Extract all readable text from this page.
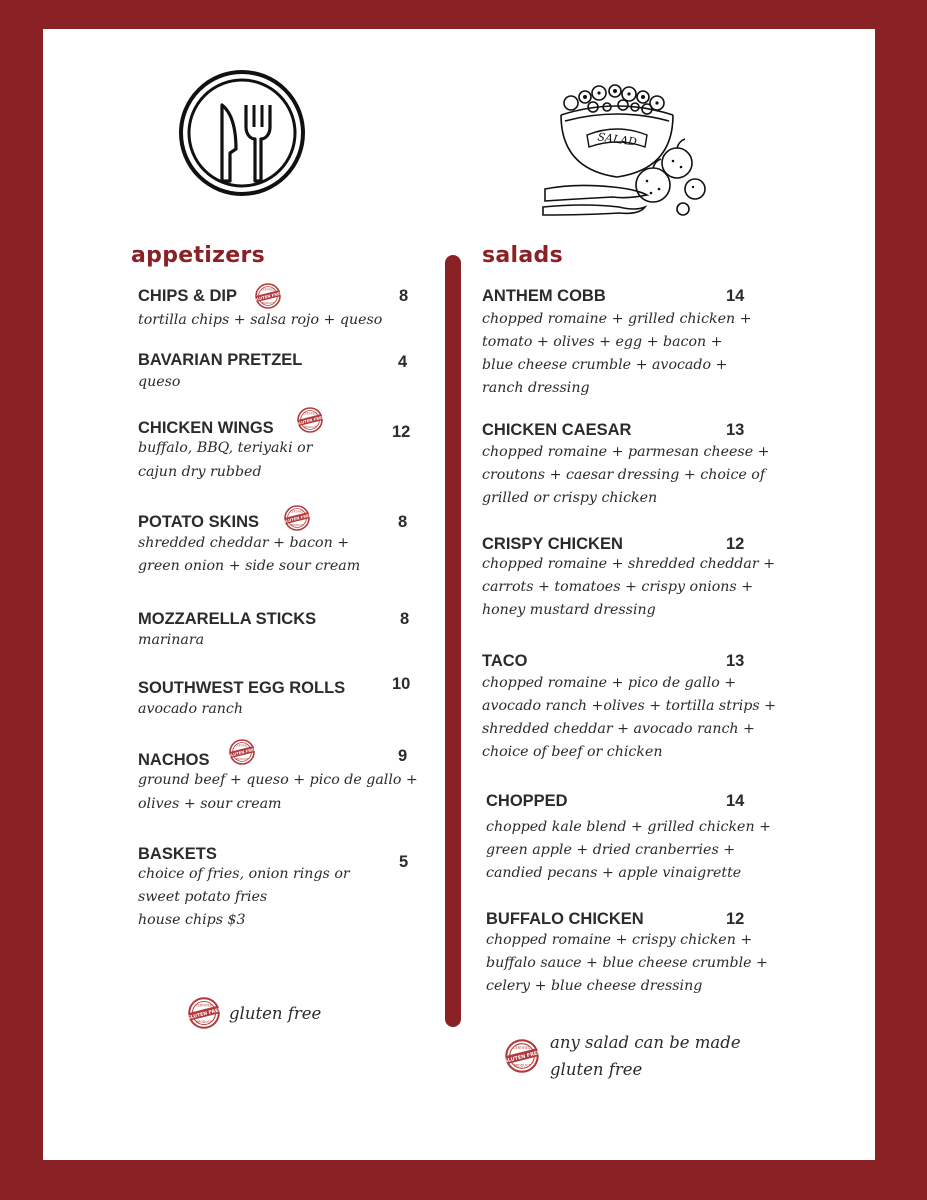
SALAD
appetizers	salads
CHIPS & DIP	8
tortilla chips + salsa rojo + queso
BAVARIAN PRETZEL	4
queso
CHICKEN WINGS	12
buffalo, BBQ, teriyaki or
cajun dry rubbed
POTATO SKINS	8
shredded cheddar + bacon +
green onion + side sour cream
MOZZARELLA STICKS	8
marinara
SOUTHWEST EGG ROLLS	10
avocado ranch
NACHOS	9
ground beef + queso + pico de gallo +
olives + sour cream
BASKETS	5
choice of fries, onion rings or
sweet potato fries
house chips $3
gluten free
ANTHEM COBB	14
chopped romaine + grilled chicken +
tomato + olives + egg + bacon +
blue cheese crumble + avocado +
ranch dressing
CHICKEN CAESAR	13
chopped romaine + parmesan cheese +
croutons + caesar dressing + choice of
grilled or crispy chicken
CRISPY CHICKEN	12
chopped romaine + shredded cheddar +
carrots + tomatoes + crispy onions +
honey mustard dressing
TACO	13
chopped romaine + pico de gallo +
avocado ranch +olives + tortilla strips +
shredded cheddar + avocado ranch +
choice of beef or chicken
CHOPPED	14
chopped kale blend + grilled chicken +
green apple + dried cranberries +
candied pecans + apple vinaigrette
BUFFALO CHICKEN	12
chopped romaine + crispy chicken +
buffalo sauce + blue cheese crumble +
celery + blue cheese dressing
any salad can be made
gluten free
